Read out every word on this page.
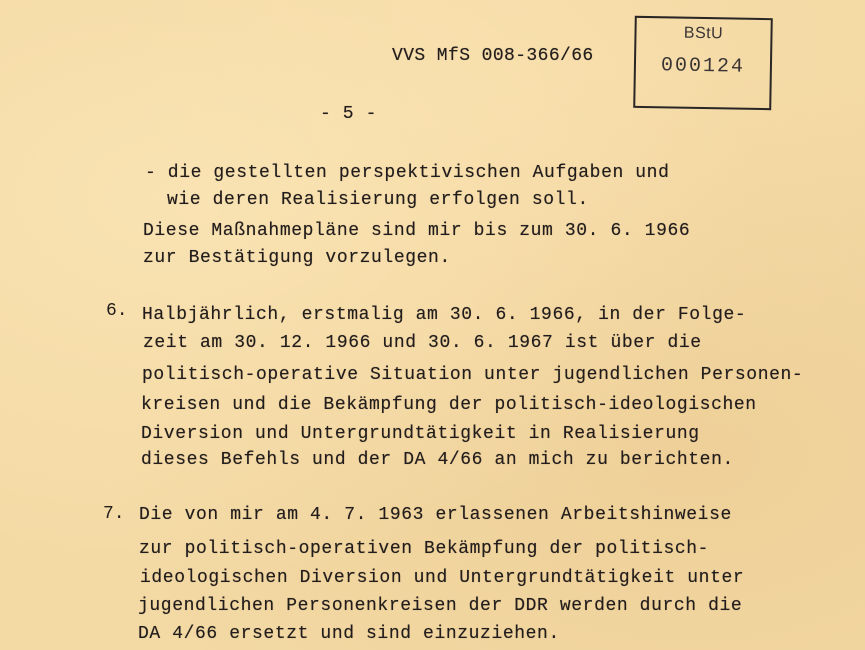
VVS MfS 008-366/66
- 5 -
BStU
000124
- die gestellten perspektivischen Aufgaben und
wie deren Realisierung erfolgen soll.
Diese Maßnahmepläne sind mir bis zum 30. 6. 1966
zur Bestätigung vorzulegen.
6. Halbjährlich, erstmalig am 30. 6. 1966, in der Folge-
zeit am 30. 12. 1966 und 30. 6. 1967 ist über die
politisch-operative Situation unter jugendlichen Personen-
kreisen und die Bekämpfung der politisch-ideologischen
Diversion und Untergrundtätigkeit in Realisierung
dieses Befehls und der DA 4/66 an mich zu berichten.
7. Die von mir am 4. 7. 1963 erlassenen Arbeitshinweise
zur politisch-operativen Bekämpfung der politisch-
ideologischen Diversion und Untergrundtätigkeit unter
jugendlichen Personenkreisen der DDR werden durch die
DA 4/66 ersetzt und sind einzuziehen.
